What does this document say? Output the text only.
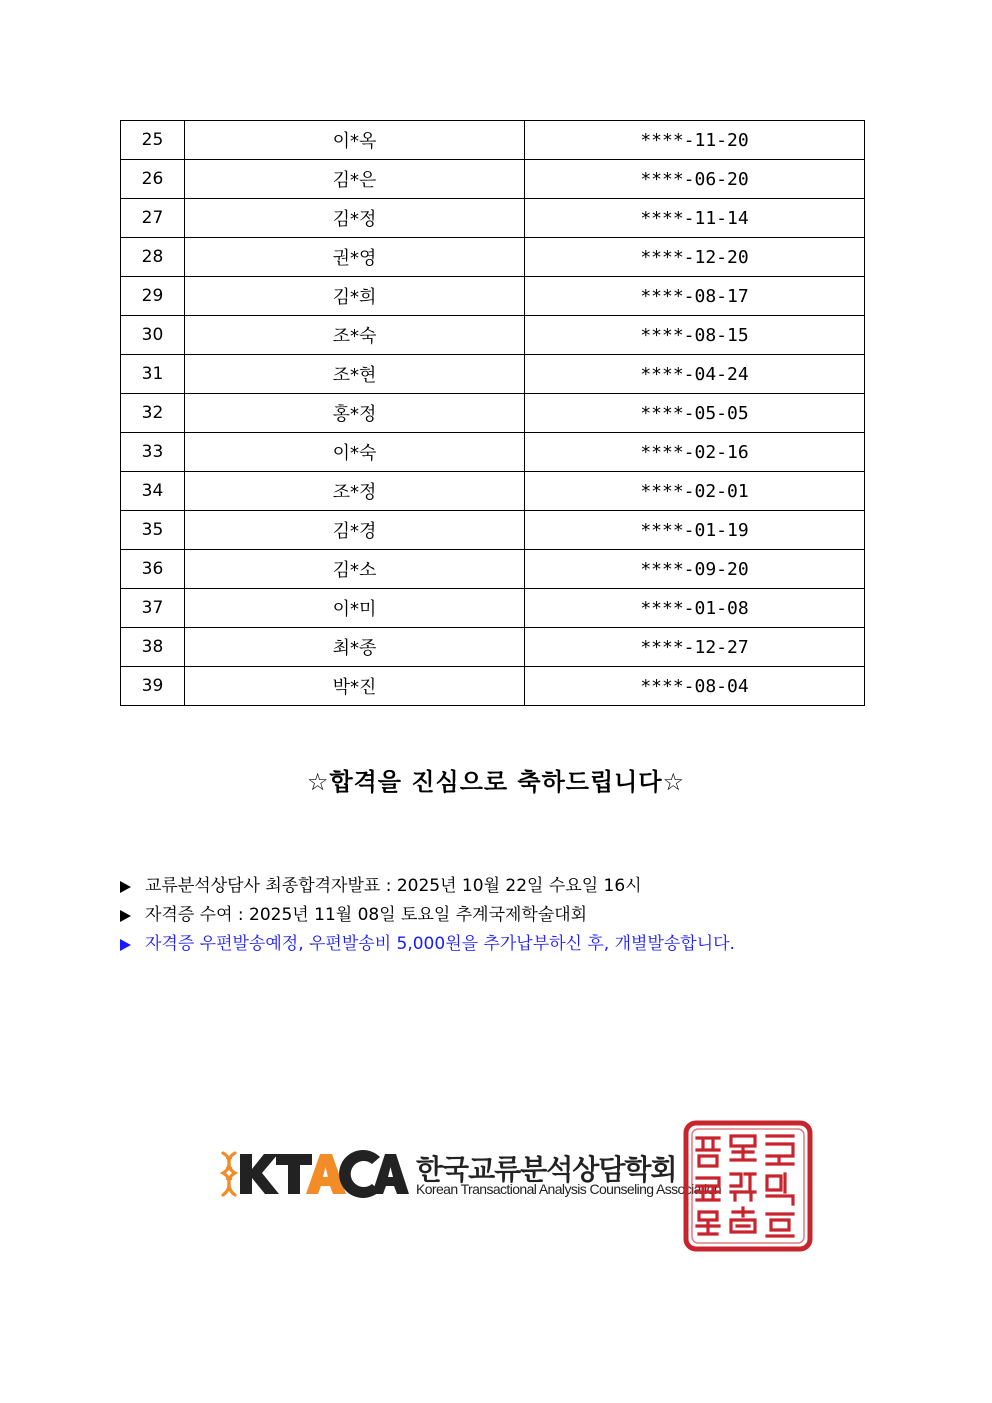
25	이*옥	****-11-20
26	김*은	****-06-20
27	김*정	****-11-14
28	권*영	****-12-20
29	김*희	****-08-17
30	조*숙	****-08-15
31	조*현	****-04-24
32	홍*정	****-05-05
33	이*숙	****-02-16
34	조*정	****-02-01
35	김*경	****-01-19
36	김*소	****-09-20
37	이*미	****-01-08
38	최*종	****-12-27
39	박*진	****-08-04
☆합격을 진심으로 축하드립니다☆
교류분석상담사 최종합격자발표 : 2025년 10월 22일 수요일 16시
자격증 수여 : 2025년 11월 08일 토요일 추계국제학술대회
자격증 우편발송예정, 우편발송비 5,000원을 추가납부하신 후, 개별발송합니다.
한국교류분석상담학회
Korean Transactional Analysis Counseling Association
